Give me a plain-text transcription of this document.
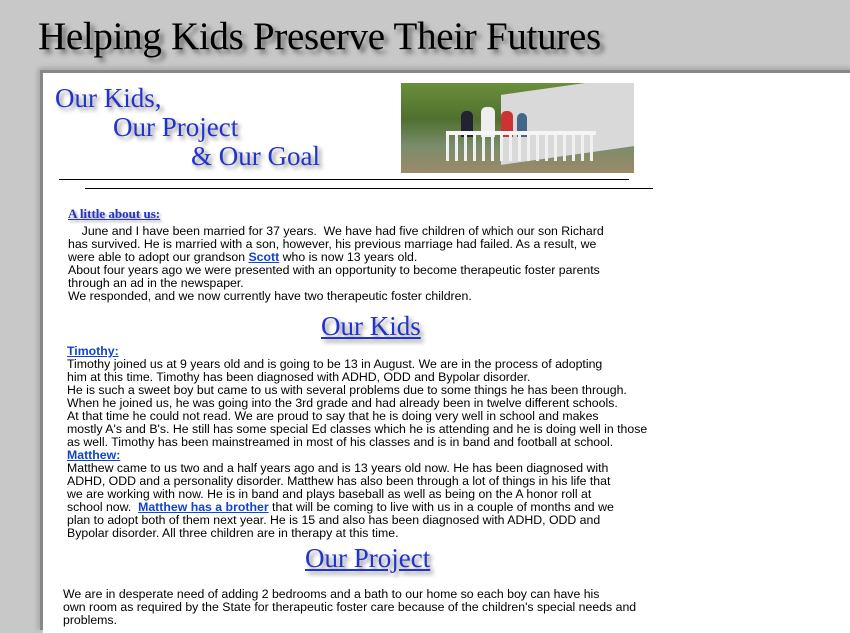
Helping Kids Preserve Their Futures

Our Kids,

Our Project

& Our Goal

A little about us:

June and I have been married for 37 years.  We have had five children of which our son Richard
has survived. He is married with a son, however, his previous marriage had failed. As a result, we
were able to adopt our grandson Scott who is now 13 years old.
About four years ago we were presented with an opportunity to become therapeutic foster parents
through an ad in the newspaper.
We responded, and we now currently have two therapeutic foster children.

Our Kids

Timothy:
Timothy joined us at 9 years old and is going to be 13 in August. We are in the process of adopting
him at this time. Timothy has been diagnosed with ADHD, ODD and Bypolar disorder.
He is such a sweet boy but came to us with several problems due to some things he has been through.
When he joined us, he was going into the 3rd grade and had already been in twelve different schools.
At that time he could not read. We are proud to say that he is doing very well in school and makes
mostly A's and B's. He still has some special Ed classes which he is attending and he is doing well in those
as well. Timothy has been mainstreamed in most of his classes and is in band and football at school.
Matthew:
Matthew came to us two and a half years ago and is 13 years old now. He has been diagnosed with
ADHD, ODD and a personality disorder. Matthew has also been through a lot of things in his life that
we are working with now. He is in band and plays baseball as well as being on the A honor roll at
school now.  Matthew has a brother that will be coming to live with us in a couple of months and we
plan to adopt both of them next year. He is 15 and also has been diagnosed with ADHD, ODD and
Bypolar disorder. All three children are in therapy at this time.

Our Project

We are in desperate need of adding 2 bedrooms and a bath to our home so each boy can have his
own room as required by the State for therapeutic foster care because of the children's special needs and
problems.
